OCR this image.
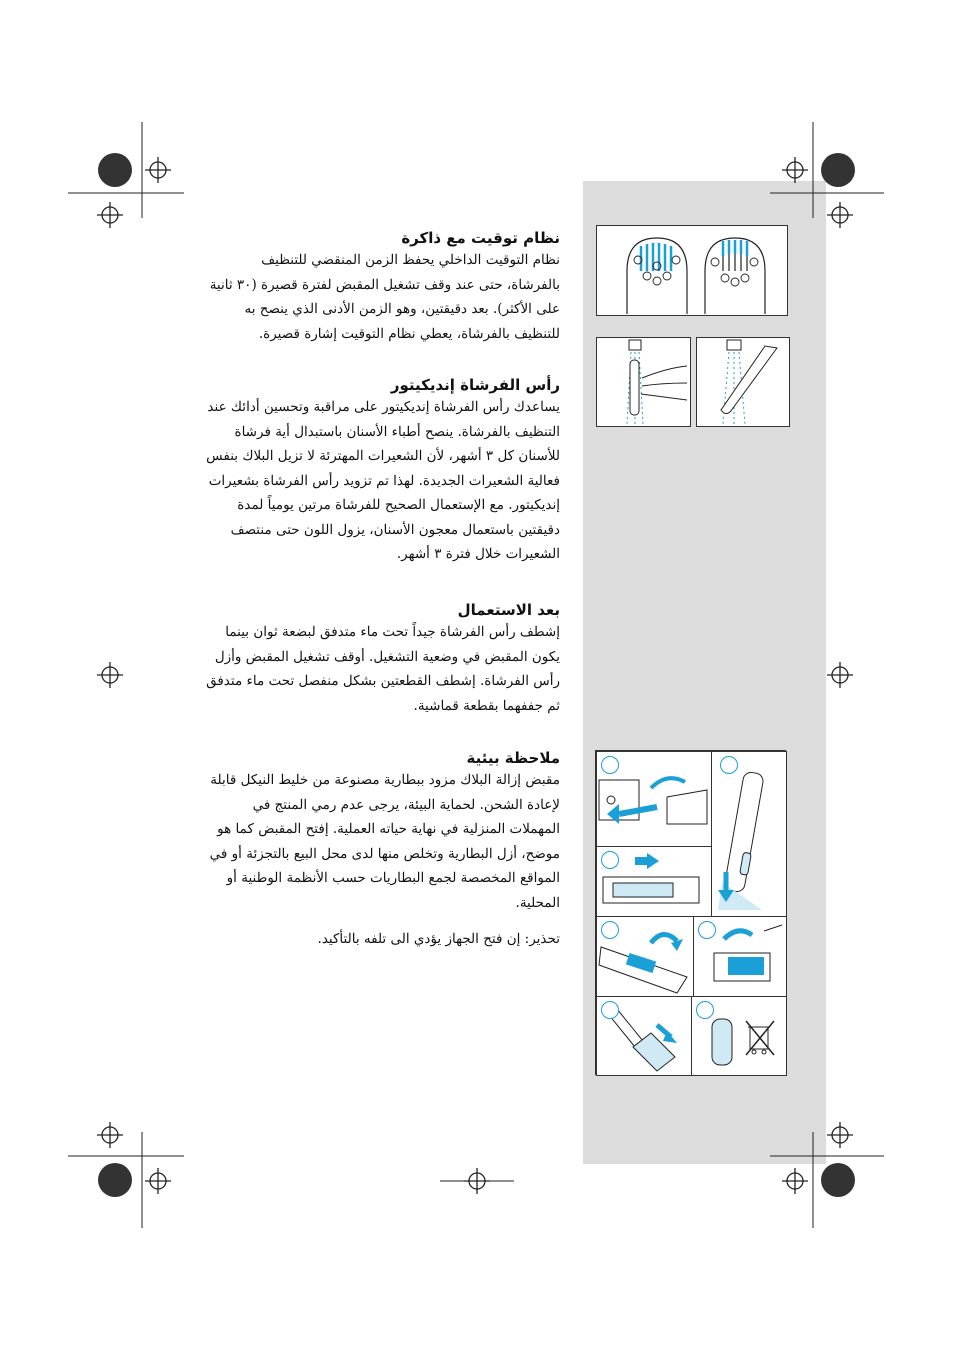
نظام توقيت مع ذاكرة

نظام التوقيت الداخلي يحفظ الزمن المنقضي للتنظيف بالفرشاة، حتى عند وقف تشغيل المقبض لفترة قصيرة (٣٠ ثانية على الأكثر). بعد دقيقتين، وهو الزمن الأدنى الذي ينصح به للتنظيف بالفرشاة، يعطي نظام التوقيت إشارة قصيرة.

رأس الفرشاة إنديكيتور

يساعدك رأس الفرشاة إنديكيتور على مراقبة وتحسين أدائك عند التنظيف بالفرشاة. ينصح أطباء الأسنان باستبدال أية فرشاة للأسنان كل ٣ أشهر، لأن الشعيرات المهترئة لا تزيل البلاك بنفس فعالية الشعيرات الجديدة. لهذا تم تزويد رأس الفرشاة بشعيرات إنديكيتور. مع الإستعمال الصحيح للفرشاة مرتين يومياً لمدة دقيقتين باستعمال معجون الأسنان، يزول اللون حتى منتصف الشعيرات خلال فترة ٣ أشهر.

بعد الاستعمال

إشطف رأس الفرشاة جيداً تحت ماء متدفق لبضعة ثوان بينما يكون المقبض في وضعية التشغيل. أوقف تشغيل المقبض وأزل رأس الفرشاة. إشطف القطعتين بشكل منفصل تحت ماء متدفق ثم جففهما بقطعة قماشية.

ملاحظة بيئية

مقبض إزالة البلاك مزود ببطارية مصنوعة من خليط النيكل قابلة لإعادة الشحن. لحماية البيئة، يرجى عدم رمي المنتج في المهملات المنزلية في نهاية حياته العملية. إفتح المقبض كما هو موضح، أزل البطارية وتخلص منها لدى محل البيع بالتجزئة أو في المواقع المخصصة لجمع البطاريات حسب الأنظمة الوطنية أو المحلية.

تحذير: إن فتح الجهاز يؤدي الى تلفه بالتأكيد.
